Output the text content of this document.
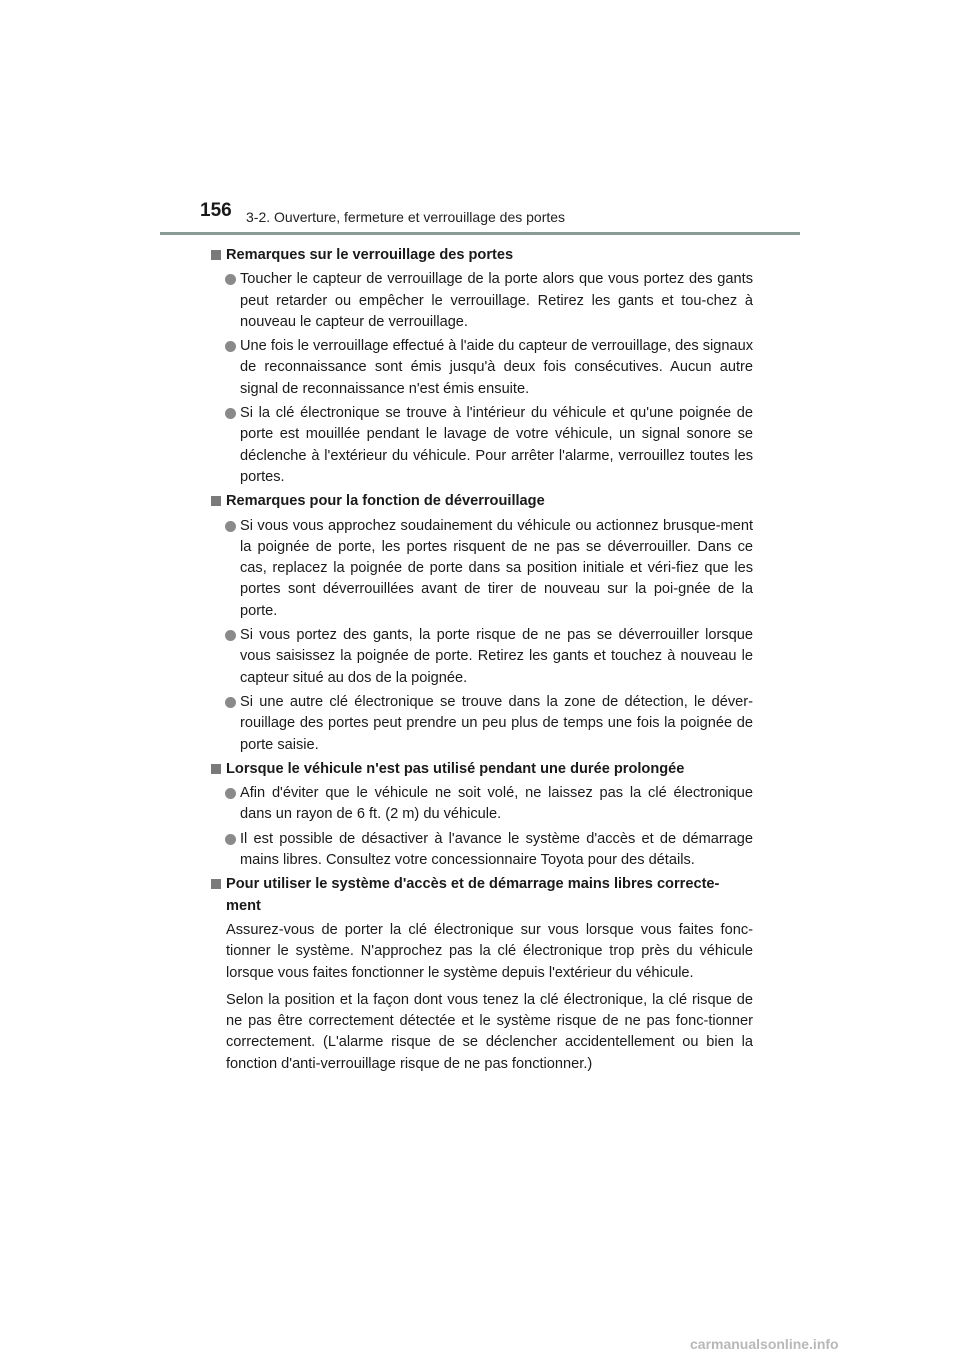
156 3-2. Ouverture, fermeture et verrouillage des portes
Remarques sur le verrouillage des portes
Toucher le capteur de verrouillage de la porte alors que vous portez des gants peut retarder ou empêcher le verrouillage. Retirez les gants et tou-chez à nouveau le capteur de verrouillage.
Une fois le verrouillage effectué à l'aide du capteur de verrouillage, des signaux de reconnaissance sont émis jusqu'à deux fois consécutives. Aucun autre signal de reconnaissance n'est émis ensuite.
Si la clé électronique se trouve à l'intérieur du véhicule et qu'une poignée de porte est mouillée pendant le lavage de votre véhicule, un signal sonore se déclenche à l'extérieur du véhicule. Pour arrêter l'alarme, verrouillez toutes les portes.
Remarques pour la fonction de déverrouillage
Si vous vous approchez soudainement du véhicule ou actionnez brusque-ment la poignée de porte, les portes risquent de ne pas se déverrouiller. Dans ce cas, replacez la poignée de porte dans sa position initiale et véri-fiez que les portes sont déverrouillées avant de tirer de nouveau sur la poi-gnée de la porte.
Si vous portez des gants, la porte risque de ne pas se déverrouiller lorsque vous saisissez la poignée de porte. Retirez les gants et touchez à nouveau le capteur situé au dos de la poignée.
Si une autre clé électronique se trouve dans la zone de détection, le déver-rouillage des portes peut prendre un peu plus de temps une fois la poignée de porte saisie.
Lorsque le véhicule n'est pas utilisé pendant une durée prolongée
Afin d'éviter que le véhicule ne soit volé, ne laissez pas la clé électronique dans un rayon de 6 ft. (2 m) du véhicule.
Il est possible de désactiver à l'avance le système d'accès et de démarrage mains libres. Consultez votre concessionnaire Toyota pour des détails.
Pour utiliser le système d'accès et de démarrage mains libres correcte-ment
Assurez-vous de porter la clé électronique sur vous lorsque vous faites fonc-tionner le système. N'approchez pas la clé électronique trop près du véhicule lorsque vous faites fonctionner le système depuis l'extérieur du véhicule.
Selon la position et la façon dont vous tenez la clé électronique, la clé risque de ne pas être correctement détectée et le système risque de ne pas fonc-tionner correctement. (L'alarme risque de se déclencher accidentellement ou bien la fonction d'anti-verrouillage risque de ne pas fonctionner.)
carmanualsonline.info
